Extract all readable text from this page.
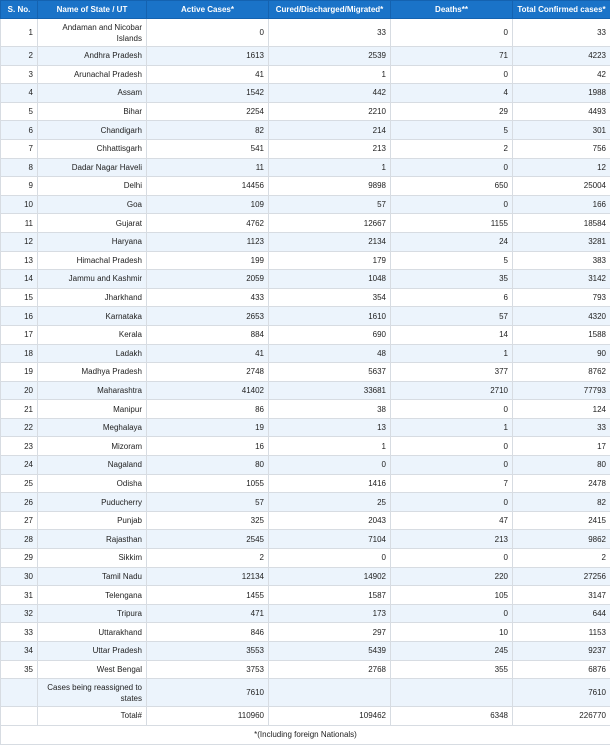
S. No.	Name of State / UT	Active Cases*	Cured/Discharged/Migrated*	Deaths**	Total Confirmed cases*
1	Andaman and Nicobar Islands	0	33	0	33
2	Andhra Pradesh	1613	2539	71	4223
3	Arunachal Pradesh	41	1	0	42
4	Assam	1542	442	4	1988
5	Bihar	2254	2210	29	4493
6	Chandigarh	82	214	5	301
7	Chhattisgarh	541	213	2	756
8	Dadar Nagar Haveli	11	1	0	12
9	Delhi	14456	9898	650	25004
10	Goa	109	57	0	166
11	Gujarat	4762	12667	1155	18584
12	Haryana	1123	2134	24	3281
13	Himachal Pradesh	199	179	5	383
14	Jammu and Kashmir	2059	1048	35	3142
15	Jharkhand	433	354	6	793
16	Karnataka	2653	1610	57	4320
17	Kerala	884	690	14	1588
18	Ladakh	41	48	1	90
19	Madhya Pradesh	2748	5637	377	8762
20	Maharashtra	41402	33681	2710	77793
21	Manipur	86	38	0	124
22	Meghalaya	19	13	1	33
23	Mizoram	16	1	0	17
24	Nagaland	80	0	0	80
25	Odisha	1055	1416	7	2478
26	Puducherry	57	25	0	82
27	Punjab	325	2043	47	2415
28	Rajasthan	2545	7104	213	9862
29	Sikkim	2	0	0	2
30	Tamil Nadu	12134	14902	220	27256
31	Telengana	1455	1587	105	3147
32	Tripura	471	173	0	644
33	Uttarakhand	846	297	10	1153
34	Uttar Pradesh	3553	5439	245	9237
35	West Bengal	3753	2768	355	6876
	Cases being reassigned to states	7610			7610
	Total#	110960	109462	6348	226770
*(Including foreign Nationals)					
